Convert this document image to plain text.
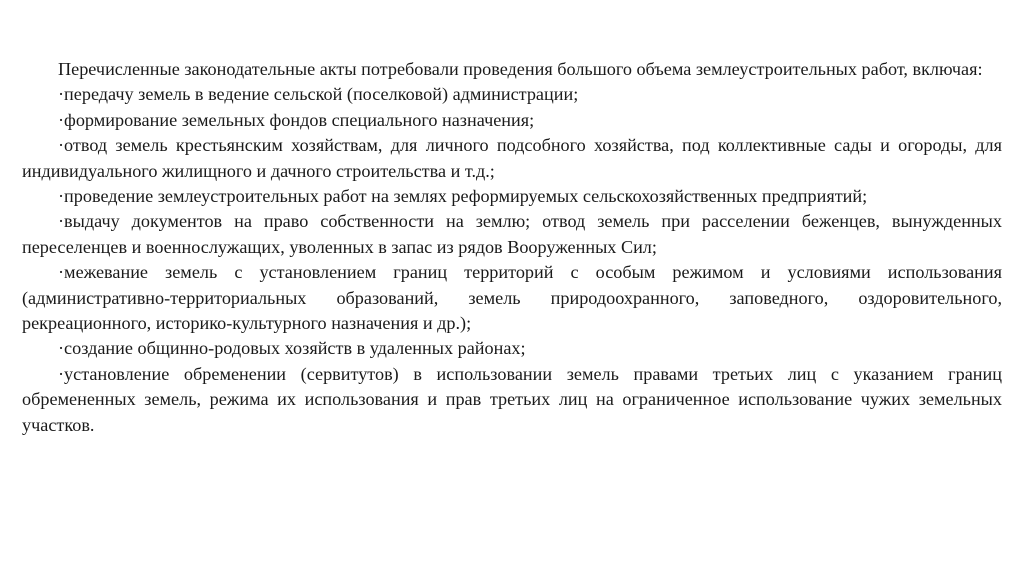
Перечисленные законодательные акты потребовали проведения большого объема землеустроительных работ, включая:

·передачу земель в ведение сельской (поселковой) администрации;

·формирование земельных фондов специального назначения;

·отвод земель крестьянским хозяйствам, для личного подсобного хозяйства, под коллективные сады и огороды, для индивидуального жилищного и дачного строительства и т.д.;

·проведение землеустроительных работ на землях реформируемых сельскохозяйственных предприятий;

·выдачу документов на право собственности на землю; отвод земель при расселении беженцев, вынужденных переселенцев и военнослужащих, уволенных в запас из рядов Вооруженных Сил;

·межевание земель с установлением границ территорий с особым режимом и условиями использования (административно-территориальных образований, земель природоохранного, заповедного, оздоровительного, рекреационного, историко-культурного назначения и др.);

·создание общинно-родовых хозяйств в удаленных районах;

·установление обременении (сервитутов) в использовании земель правами третьих лиц с указанием границ обремененных земель, режима их использования и прав третьих лиц на ограниченное использование чужих земельных участков.
